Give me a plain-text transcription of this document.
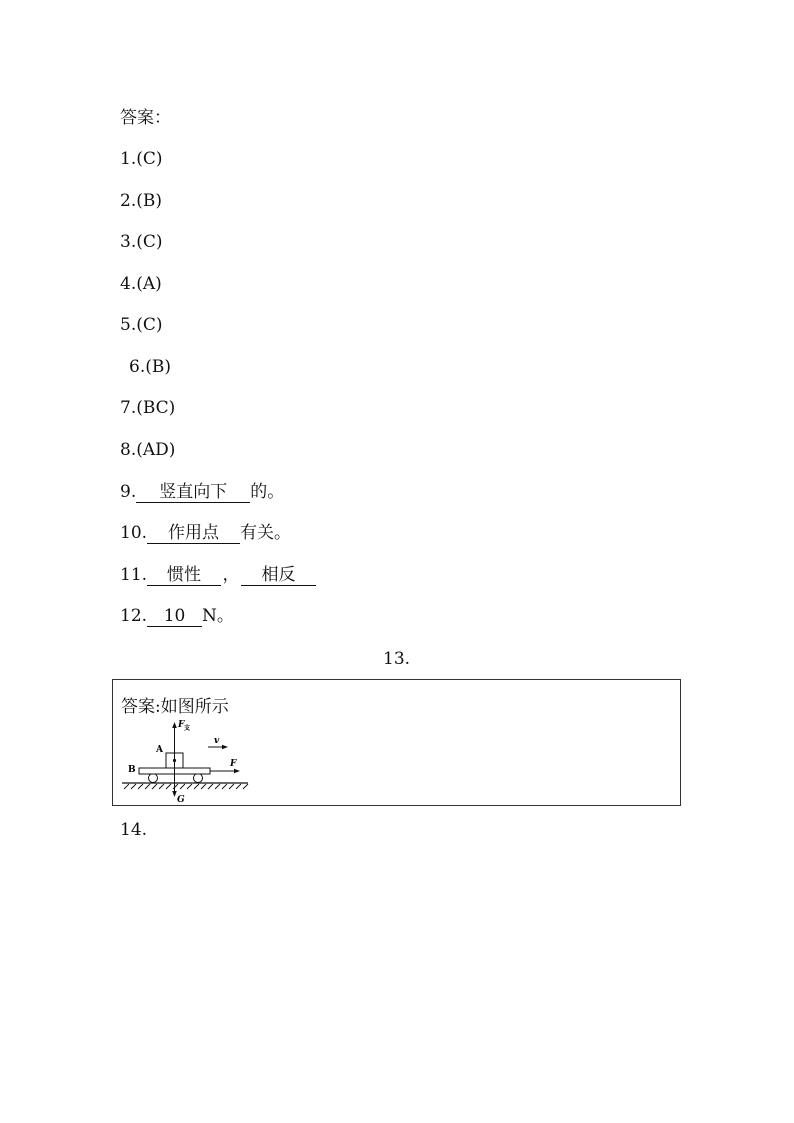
答案：
1.(C)
2.(B)
3.(C)
4.(A)
5.(C)
6.(B)
7.(BC)
8.(AD)
9. 竖直向下 的。
10. 作用点 有关。
11. 惯性 ， 相反
12. 10 N。
13.
答案:如图所示
A
B
F 支
v
F
G
14.
